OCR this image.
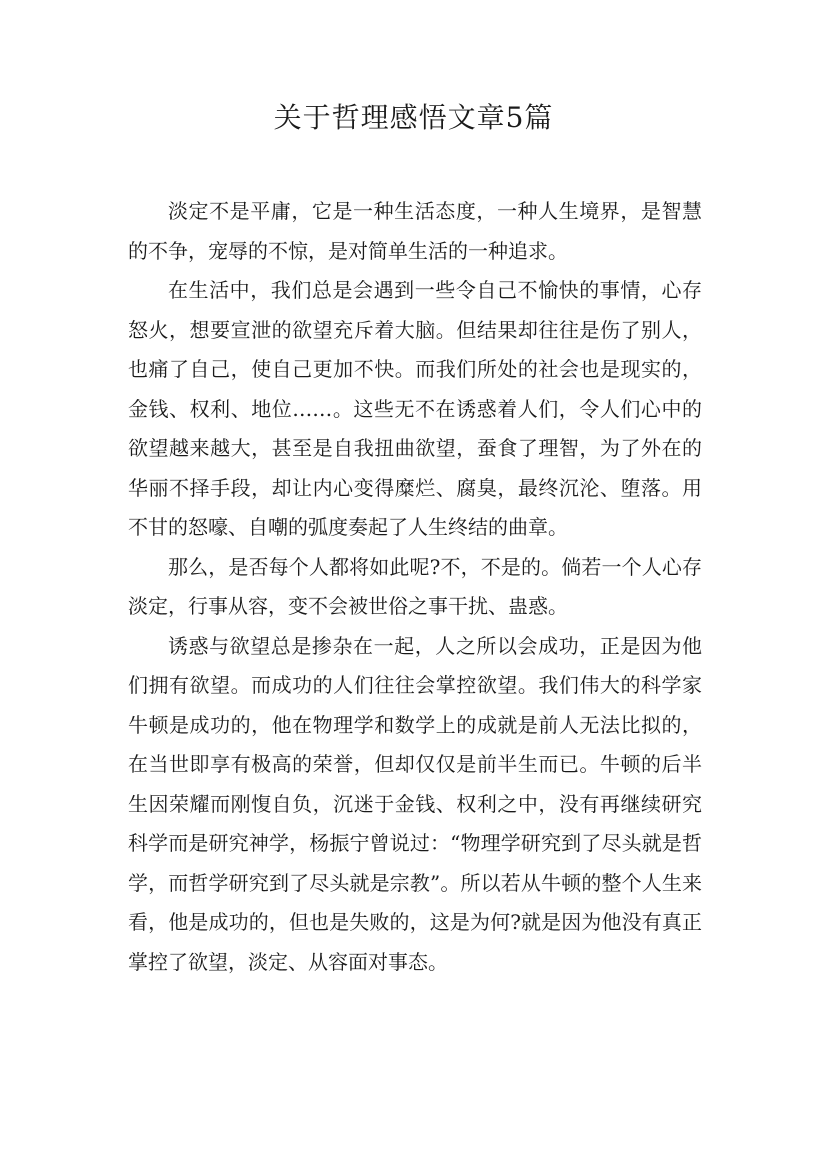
关于哲理感悟文章5篇

淡定不是平庸，它是一种生活态度，一种人生境界，是智慧的不争，宠辱的不惊，是对简单生活的一种追求。

在生活中，我们总是会遇到一些令自己不愉快的事情，心存怒火，想要宣泄的欲望充斥着大脑。但结果却往往是伤了别人，也痛了自己，使自己更加不快。而我们所处的社会也是现实的，金钱、权利、地位……。这些无不在诱惑着人们，令人们心中的欲望越来越大，甚至是自我扭曲欲望，蚕食了理智，为了外在的华丽不择手段，却让内心变得糜烂、腐臭，最终沉沦、堕落。用不甘的怒嚎、自嘲的弧度奏起了人生终结的曲章。

那么，是否每个人都将如此呢?不，不是的。倘若一个人心存淡定，行事从容，变不会被世俗之事干扰、蛊惑。

诱惑与欲望总是掺杂在一起，人之所以会成功，正是因为他们拥有欲望。而成功的人们往往会掌控欲望。我们伟大的科学家牛顿是成功的，他在物理学和数学上的成就是前人无法比拟的，在当世即享有极高的荣誉，但却仅仅是前半生而已。牛顿的后半生因荣耀而刚愎自负，沉迷于金钱、权利之中，没有再继续研究科学而是研究神学，杨振宁曾说过：“物理学研究到了尽头就是哲学，而哲学研究到了尽头就是宗教”。所以若从牛顿的整个人生来看，他是成功的，但也是失败的，这是为何?就是因为他没有真正掌控了欲望，淡定、从容面对事态。
